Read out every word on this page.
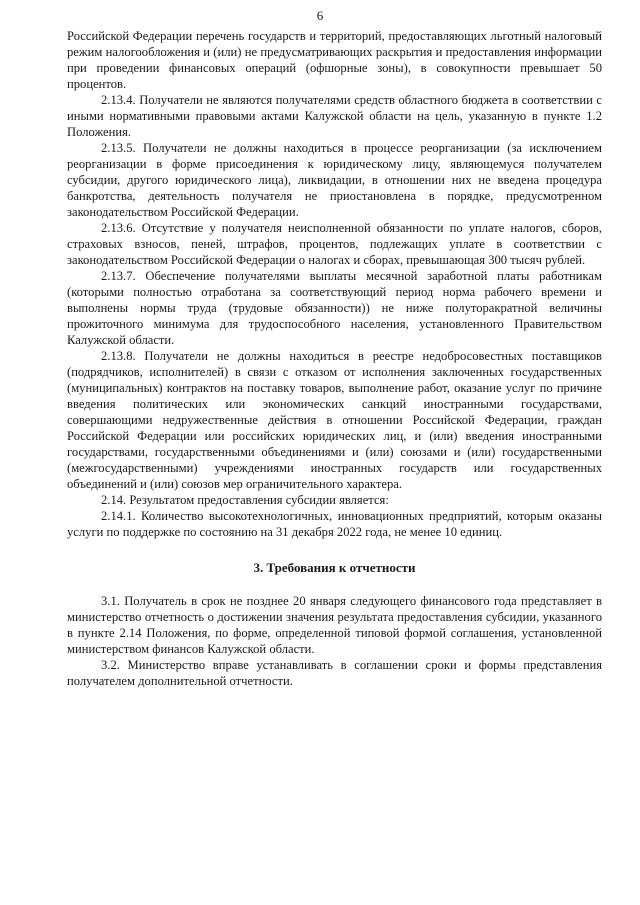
6

Российской Федерации перечень государств и территорий, предоставляющих льготный налоговый режим налогообложения и (или) не предусматривающих раскрытия и предоставления информации при проведении финансовых операций (офшорные зоны), в совокупности превышает 50 процентов.

2.13.4. Получатели не являются получателями средств областного бюджета в соответствии с иными нормативными правовыми актами Калужской области на цель, указанную в пункте 1.2 Положения.

2.13.5. Получатели не должны находиться в процессе реорганизации (за исключением реорганизации в форме присоединения к юридическому лицу, являющемуся получателем субсидии, другого юридического лица), ликвидации, в отношении них не введена процедура банкротства, деятельность получателя не приостановлена в порядке, предусмотренном законодательством Российской Федерации.

2.13.6. Отсутствие у получателя неисполненной обязанности по уплате налогов, сборов, страховых взносов, пеней, штрафов, процентов, подлежащих уплате в соответствии с законодательством Российской Федерации о налогах и сборах, превышающая 300 тысяч рублей.

2.13.7. Обеспечение получателями выплаты месячной заработной платы работникам (которыми полностью отработана за соответствующий период норма рабочего времени и выполнены нормы труда (трудовые обязанности)) не ниже полуторакратной величины прожиточного минимума для трудоспособного населения, установленного Правительством Калужской области.

2.13.8. Получатели не должны находиться в реестре недобросовестных поставщиков (подрядчиков, исполнителей) в связи с отказом от исполнения заключенных государственных (муниципальных) контрактов на поставку товаров, выполнение работ, оказание услуг по причине введения политических или экономических санкций иностранными государствами, совершающими недружественные действия в отношении Российской Федерации, граждан Российской Федерации или российских юридических лиц, и (или) введения иностранными государствами, государственными объединениями и (или) союзами и (или) государственными (межгосударственными) учреждениями иностранных государств или государственных объединений и (или) союзов мер ограничительного характера.

2.14. Результатом предоставления субсидии является:

2.14.1. Количество высокотехнологичных, инновационных предприятий, которым оказаны услуги по поддержке по состоянию на 31 декабря 2022 года, не менее 10 единиц.

3. Требования к отчетности

3.1. Получатель в срок не позднее 20 января следующего финансового года представляет в министерство отчетность о достижении значения результата предоставления субсидии, указанного в пункте 2.14 Положения, по форме, определенной типовой формой соглашения, установленной министерством финансов Калужской области.

3.2. Министерство вправе устанавливать в соглашении сроки и формы представления получателем дополнительной отчетности.
